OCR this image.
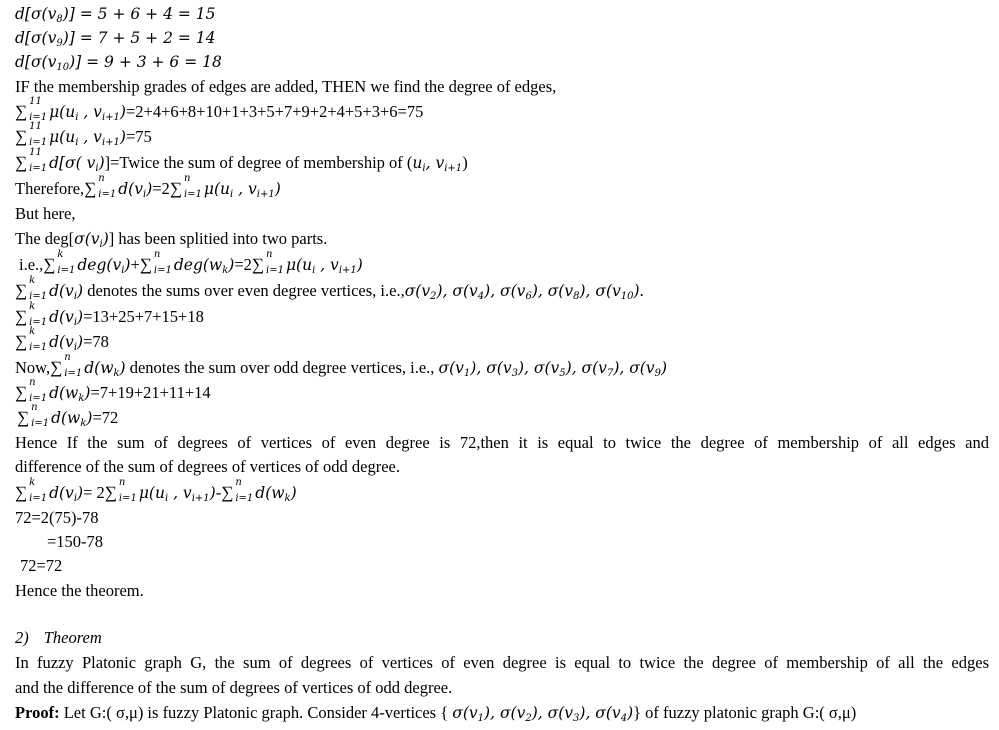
$d[\sigma(v_8)] = 5 + 6 + 4 = 15$
$d[\sigma(v_9)] = 7 + 5 + 2 = 14$
$d[\sigma(v_{10})] = 9 + 3 + 6 = 18$
IF the membership grades of edges are added, THEN we find the degree of edges,
∑
11
i=1 $\mu(u_i$ , $v_{i+1})=2+4+6+8+10+1+3+5+7+9+2+4+5+3+6=75$
∑
11
i=1 $\mu(u_i$ , $v_{i+1})=75$
∑
11
i=1 d[σ( $v_i)]=Twice$ the sum of degree of membership of ($u_i$, $v_{i+1}$)
Therefore,∑
n
i=1 $d(v_i)=2\sum$
n
i=1 $\mu(u_i$ , $v_{i+1}$)
But here,
The $deg[\sigma(v_i)]$ has been splitied into two parts.
i.e.,∑
k
i=1 $deg(v_i)+\sum$
n
i=1 $deg(w_k)=2\sum$
n
i=1 $\mu(u_i$ , $v_{i+1}$)
∑
k
i=1 $d(v_i)$ denotes the sums over even degree vertices, $i.e.,\sigma(v_2)$, $\sigma(v_4)$, $\sigma(v_6)$, $\sigma(v_8)$, $\sigma(v_{10})$.
∑
k
i=1 $d(v_i)=13+25+7+15+18$
∑
k
i=1 $d(v_i)=78$
Now,∑
n
i=1 $d(w_k)$ denotes the sum over odd degree vertices, i.e., $\sigma(v_1)$, $\sigma(v_3)$, $\sigma(v_5)$, $\sigma(v_7)$, $\sigma(v_9)$
∑
n
i=1 $d(w_k)=7+19+21+11+14$
∑
n
i=1 $d(w_k)=72$
Hence If the sum of degrees of vertices of even degree is 72,then it is equal to twice the degree of membership of all edges and
difference of the sum of degrees of vertices of odd degree.
∑
k
i=1 $d(v_i)= 2\sum$
n
i=1 $\mu(u_i$ , $v_{i+1})-\sum$
n
i=1 $d(w_k)$
72=2(75)-78
=150-78
72=72
Hence the theorem.
2) Theorem
In fuzzy Platonic graph G, the sum of degrees of vertices of even degree is equal to twice the degree of membership of all the edges
and the difference of the sum of degrees of vertices of odd degree.
Proof: Let G:( σ,μ) is fuzzy Platonic graph. Consider 4-vertices { $\sigma(v_1)$, $\sigma(v_2)$, $\sigma(v_3)$, $\sigma(v_4)$} of fuzzy platonic graph G:( σ,μ)
